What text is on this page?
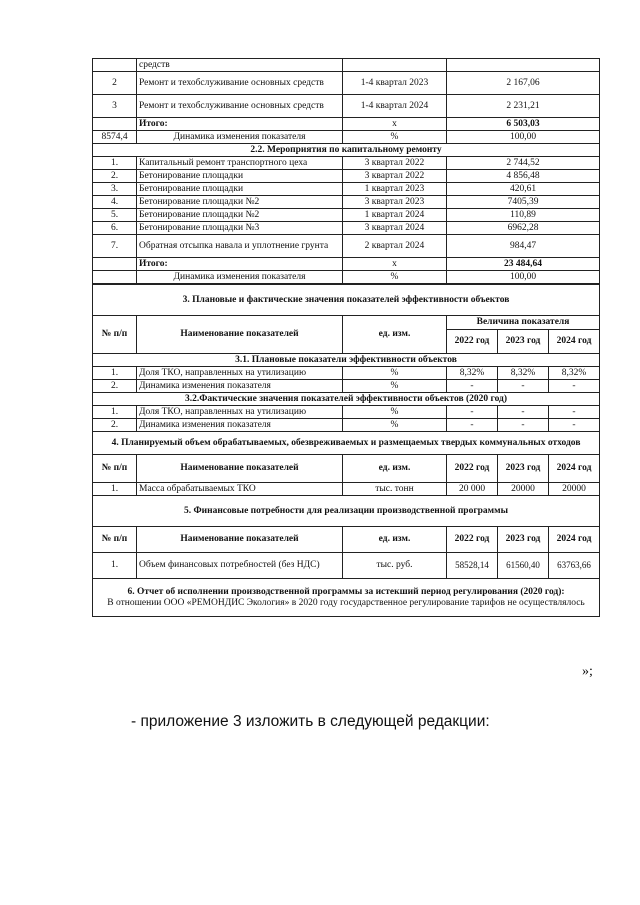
	средств		
2	Ремонт и техобслуживание основных средств	1-4 квартал 2023	2 167,06
3	Ремонт и техобслуживание основных средств	1-4 квартал 2024	2 231,21
	Итого:	х	6 503,03
8574,4	Динамика изменения показателя	%	100,00
2.2. Мероприятия по капитальному ремонту			
1.	Капитальный ремонт транспортного цеха	3 квартал 2022	2 744,52
2.	Бетонирование площадки	3 квартал 2022	4 856,48
3.	Бетонирование площадки	1 квартал 2023	420,61
4.	Бетонирование площадки №2	3 квартал 2023	7405,39
5.	Бетонирование площадки №2	1 квартал 2024	110,89
6.	Бетонирование площадки №3	3 квартал 2024	6962,28
7.	Обратная отсыпка навала и уплотнение грунта	2 квартал 2024	984,47
	Итого:	х	23 484,64
	Динамика изменения показателя	%	100,00
3. Плановые и фактические значения показателей эффективности объектов					
№ п/п	Наименование показателей	ед. изм.	Величина показателя		
			2022 год	2023 год	2024 год
3.1. Плановые показатели эффективности объектов					
1.	Доля ТКО, направленных на утилизацию	%	8,32%	8,32%	8,32%
2.	Динамика изменения показателя	%	-	-	-
3.2.Фактические значения показателей эффективности объектов (2020 год)					
1.	Доля ТКО, направленных на утилизацию	%	-	-	-
2.	Динамика изменения показателя	%	-	-	-
4. Планируемый объем обрабатываемых, обезвреживаемых и размещаемых твердых коммунальных отходов					
№ п/п	Наименование показателей	ед. изм.	2022 год	2023 год	2024 год
1.	Масса обрабатываемых ТКО	тыс. тонн	20 000	20000	20000
5. Финансовые потребности для реализации производственной программы					
№ п/п	Наименование показателей	ед. изм.	2022 год	2023 год	2024 год
1.	Объем финансовых потребностей (без НДС)	тыс. руб.	58528,14	61560,40	63763,66

6. Отчет об исполнении производственной программы за истекший период регулирования (2020 год):
В отношении ООО «РЕМОНДИС Экология» в 2020 году государственное регулирование тарифов не осуществлялось					
»;
- приложение 3 изложить в следующей редакции:
